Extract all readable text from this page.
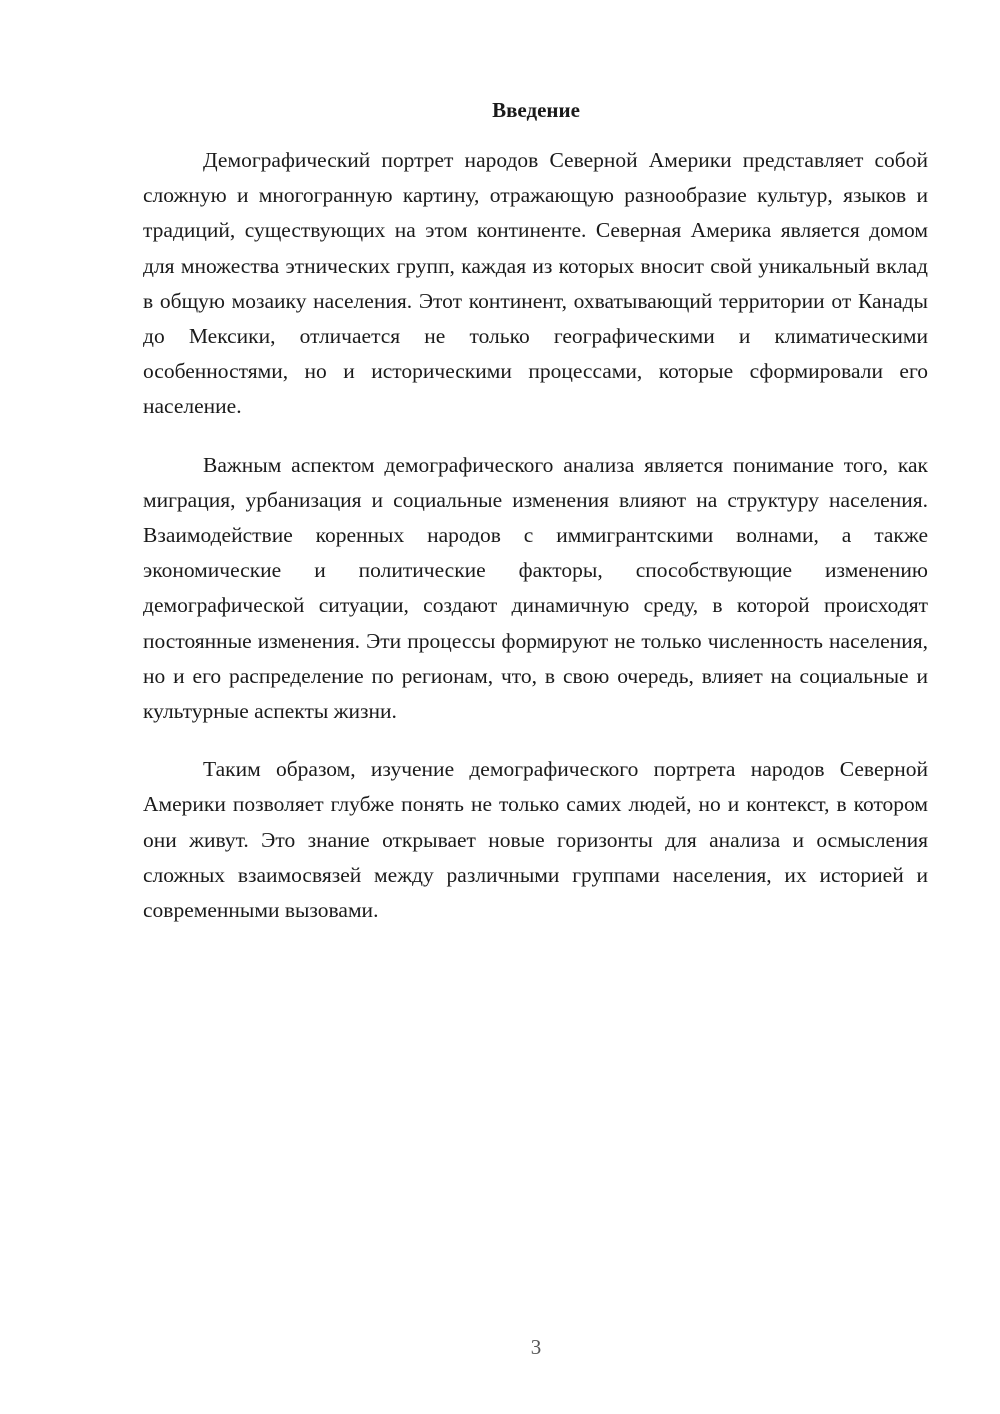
Введение

Демографический портрет народов Северной Америки представляет собой сложную и многогранную картину, отражающую разнообразие культур, языков и традиций, существующих на этом континенте. Северная Америка является домом для множества этнических групп, каждая из которых вносит свой уникальный вклад в общую мозаику населения. Этот континент, охватывающий территории от Канады до Мексики, отличается не только географическими и климатическими особенностями, но и историческими процессами, которые сформировали его население.

Важным аспектом демографического анализа является понимание того, как миграция, урбанизация и социальные изменения влияют на структуру населения. Взаимодействие коренных народов с иммигрантскими волнами, а также экономические и политические факторы, способствующие изменению демографической ситуации, создают динамичную среду, в которой происходят постоянные изменения. Эти процессы формируют не только численность населения, но и его распределение по регионам, что, в свою очередь, влияет на социальные и культурные аспекты жизни.

Таким образом, изучение демографического портрета народов Северной Америки позволяет глубже понять не только самих людей, но и контекст, в котором они живут. Это знание открывает новые горизонты для анализа и осмысления сложных взаимосвязей между различными группами населения, их историей и современными вызовами.

3
